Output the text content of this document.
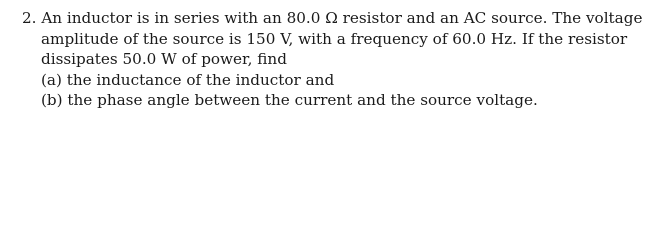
2. An inductor is in series with an 80.0 Ω resistor and an AC source. The voltage
amplitude of the source is 150 V, with a frequency of 60.0 Hz. If the resistor
dissipates 50.0 W of power, find
(a) the inductance of the inductor and
(b) the phase angle between the current and the source voltage.
